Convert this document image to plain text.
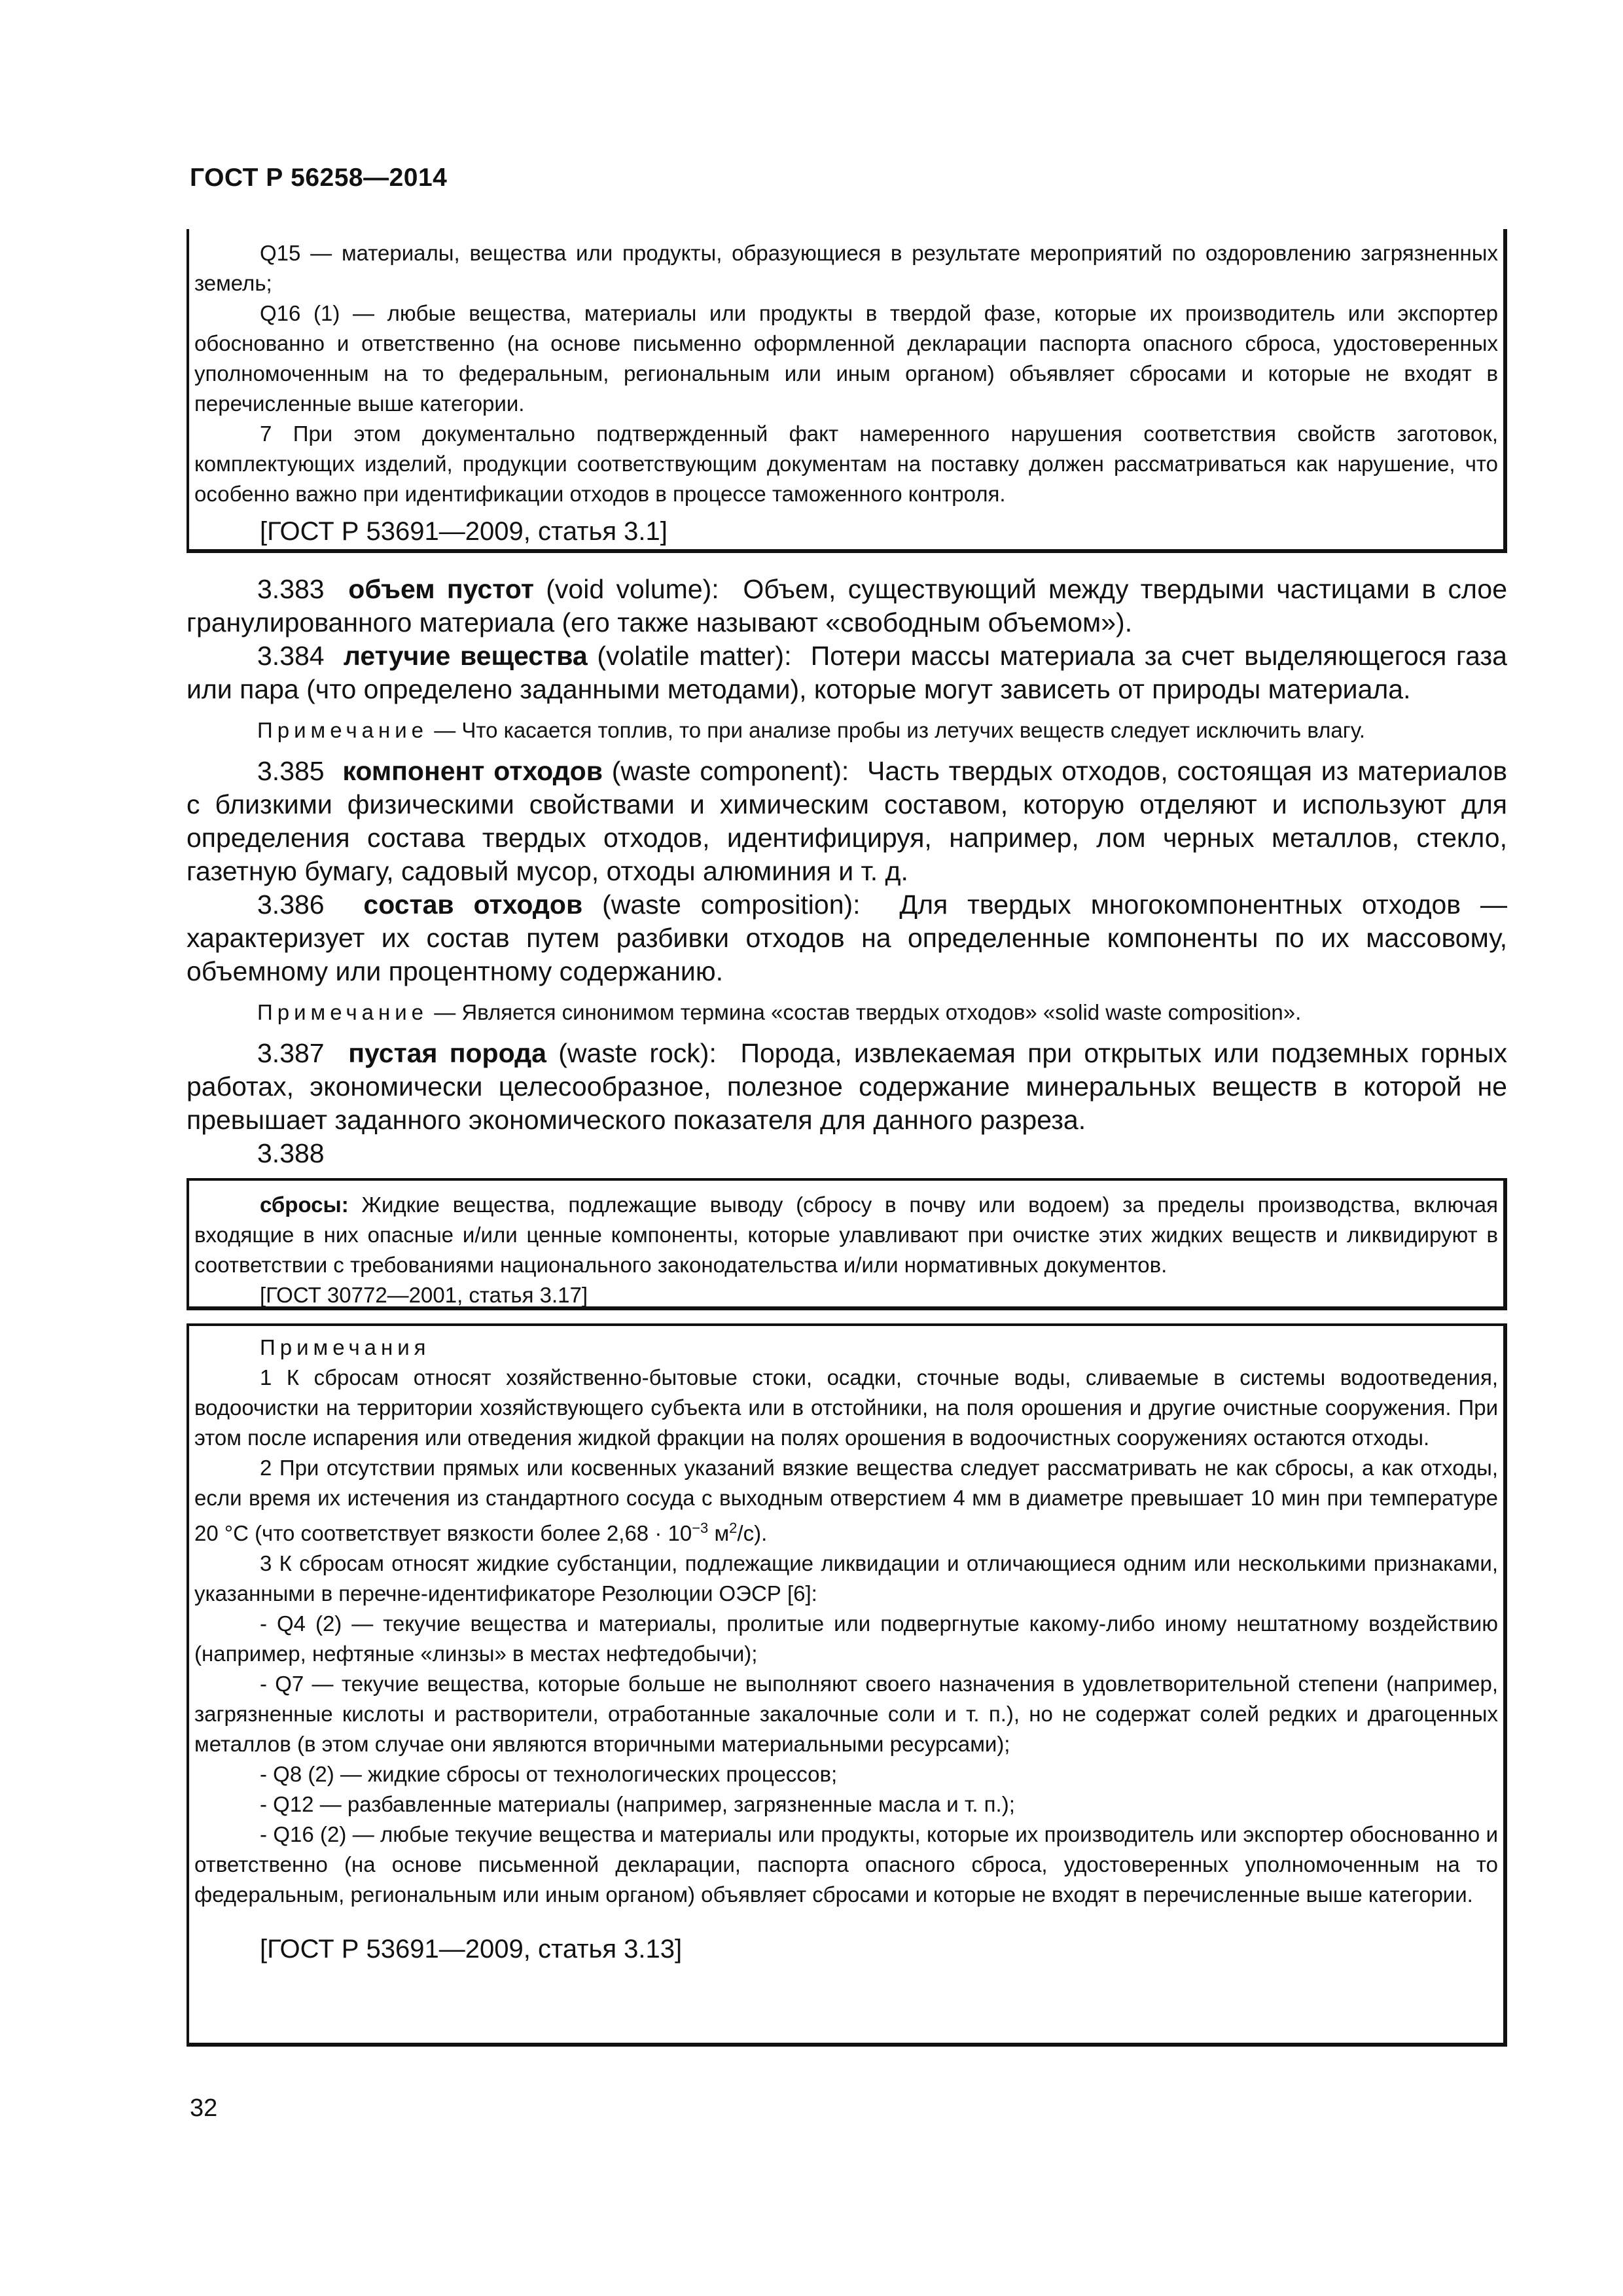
ГОСТ Р 56258—2014

Q15 — материалы, вещества или продукты, образующиеся в результате мероприятий по оздоровлению загрязненных земель;

Q16 (1) — любые вещества, материалы или продукты в твердой фазе, которые их производитель или экспортер обоснованно и ответственно (на основе письменно оформленной декларации паспорта опасного сброса, удостоверенных уполномоченным на то федеральным, региональным или иным органом) объявляет сбросами и которые не входят в перечисленные выше категории.

7 При этом документально подтвержденный факт намеренного нарушения соответствия свойств заготовок, комплектующих изделий, продукции соответствующим документам на поставку должен рассматриваться как нарушение, что особенно важно при идентификации отходов в процессе таможенного контроля.

[ГОСТ Р 53691—2009, статья 3.1]

3.383 объем пустот (void volume): Объем, существующий между твердыми частицами в слое гранулированного материала (его также называют «свободным объемом»).

3.384 летучие вещества (volatile matter): Потери массы материала за счет выделяющегося газа или пара (что определено заданными методами), которые могут зависеть от природы материала.

Примечание — Что касается топлив, то при анализе пробы из летучих веществ следует исключить влагу.

3.385 компонент отходов (waste component): Часть твердых отходов, состоящая из материалов с близкими физическими свойствами и химическим составом, которую отделяют и используют для определения состава твердых отходов, идентифицируя, например, лом черных металлов, стекло, газетную бумагу, садовый мусор, отходы алюминия и т. д.

3.386 состав отходов (waste composition): Для твердых многокомпонентных отходов — характеризует их состав путем разбивки отходов на определенные компоненты по их массовому, объемному или процентному содержанию.

Примечание — Является синонимом термина «состав твердых отходов» «solid waste composition».

3.387 пустая порода (waste rock): Порода, извлекаемая при открытых или подземных горных работах, экономически целесообразное, полезное содержание минеральных веществ в которой не превышает заданного экономического показателя для данного разреза.

3.388

сбросы: Жидкие вещества, подлежащие выводу (сбросу в почву или водоем) за пределы производства, включая входящие в них опасные и/или ценные компоненты, которые улавливают при очистке этих жидких веществ и ликвидируют в соответствии с требованиями национального законодательства и/или нормативных документов.

[ГОСТ 30772—2001, статья 3.17]

Примечания

1 К сбросам относят хозяйственно-бытовые стоки, осадки, сточные воды, сливаемые в системы водоотведения, водоочистки на территории хозяйствующего субъекта или в отстойники, на поля орошения и другие очистные сооружения. При этом после испарения или отведения жидкой фракции на полях орошения в водоочистных сооружениях остаются отходы.

2 При отсутствии прямых или косвенных указаний вязкие вещества следует рассматривать не как сбросы, а как отходы, если время их истечения из стандартного сосуда с выходным отверстием 4 мм в диаметре превышает 10 мин при температуре 20 °С (что соответствует вязкости более $2,68 \cdot 10^{-3}$ $м^2/с$).

3 К сбросам относят жидкие субстанции, подлежащие ликвидации и отличающиеся одним или несколькими признаками, указанными в перечне-идентификаторе Резолюции ОЭСР [6]:

- Q4 (2) — текучие вещества и материалы, пролитые или подвергнутые какому-либо иному нештатному воздействию (например, нефтяные «линзы» в местах нефтедобычи);

- Q7 — текучие вещества, которые больше не выполняют своего назначения в удовлетворительной степени (например, загрязненные кислоты и растворители, отработанные закалочные соли и т. п.), но не содержат солей редких и драгоценных металлов (в этом случае они являются вторичными материальными ресурсами);

- Q8 (2) — жидкие сбросы от технологических процессов;

- Q12 — разбавленные материалы (например, загрязненные масла и т. п.);

- Q16 (2) — любые текучие вещества и материалы или продукты, которые их производитель или экспортер обоснованно и ответственно (на основе письменной декларации, паспорта опасного сброса, удостоверенных уполномоченным на то федеральным, региональным или иным органом) объявляет сбросами и которые не входят в перечисленные выше категории.

[ГОСТ Р 53691—2009, статья 3.13]
32
